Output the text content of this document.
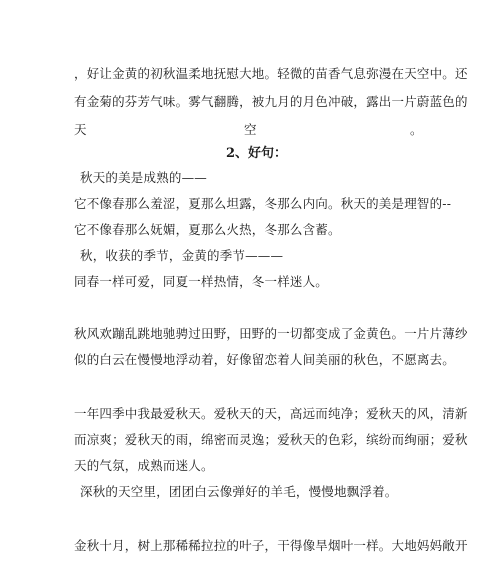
，好让金黄的初秋温柔地抚慰大地。轻微的苗香气息弥漫在天空中。还
有金菊的芬芳气味。雾气翻腾，被九月的月色冲破，露出一片蔚蓝色的
天	空	。
2、好句：
秋天的美是成熟的——
它不像春那么羞涩，夏那么坦露，冬那么内向。秋天的美是理智的--
它不像春那么妩媚，夏那么火热，冬那么含蓄。
秋，收获的季节，金黄的季节———
同春一样可爱，同夏一样热情，冬一样迷人。
秋风欢蹦乱跳地驰骋过田野，田野的一切都变成了金黄色。一片片薄纱
似的白云在慢慢地浮动着，好像留恋着人间美丽的秋色，不愿离去。
一年四季中我最爱秋天。爱秋天的天，高远而纯净；爱秋天的风，清新
而凉爽；爱秋天的雨，绵密而灵逸；爱秋天的色彩，缤纷而绚丽；爱秋
天的气氛，成熟而迷人。
深秋的天空里，团团白云像弹好的羊毛，慢慢地飘浮着。
金秋十月，树上那稀稀拉拉的叶子，干得像旱烟叶一样。大地妈妈敞开
